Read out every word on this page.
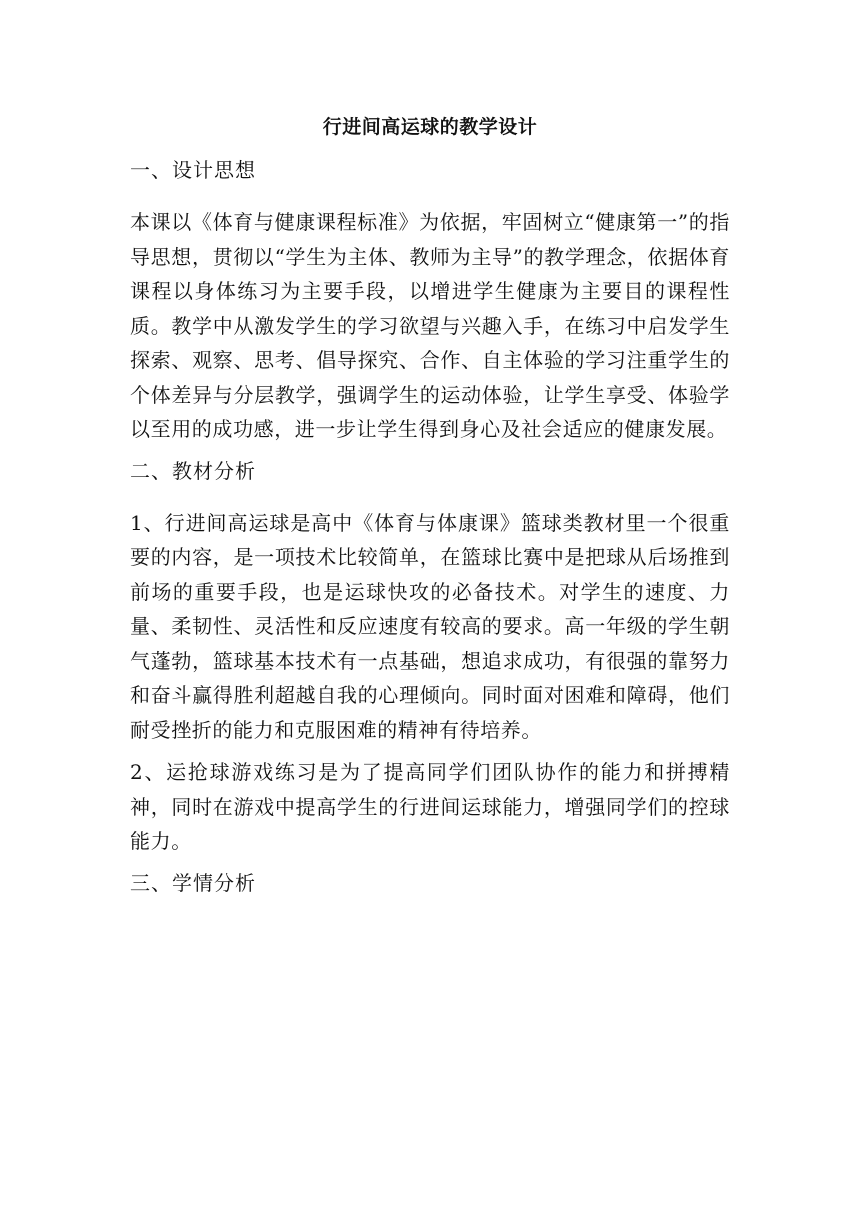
行进间高运球的教学设计
一、设计思想

本课以《体育与健康课程标准》为依据，牢固树立“健康第一”的指导思想，贯彻以“学生为主体、教师为主导”的教学理念，依据体育课程以身体练习为主要手段，以增进学生健康为主要目的课程性质。教学中从激发学生的学习欲望与兴趣入手，在练习中启发学生探索、观察、思考、倡导探究、合作、自主体验的学习注重学生的个体差异与分层教学，强调学生的运动体验，让学生享受、体验学以至用的成功感，进一步让学生得到身心及社会适应的健康发展。

二、教材分析

1、行进间高运球是高中《体育与体康课》篮球类教材里一个很重要的内容，是一项技术比较简单，在篮球比赛中是把球从后场推到前场的重要手段，也是运球快攻的必备技术。对学生的速度、力量、柔韧性、灵活性和反应速度有较高的要求。高一年级的学生朝气蓬勃，篮球基本技术有一点基础，想追求成功，有很强的靠努力和奋斗赢得胜利超越自我的心理倾向。同时面对困难和障碍，他们耐受挫折的能力和克服困难的精神有待培养。

2、运抢球游戏练习是为了提高同学们团队协作的能力和拼搏精神，同时在游戏中提高学生的行进间运球能力，增强同学们的控球能力。

三、学情分析
